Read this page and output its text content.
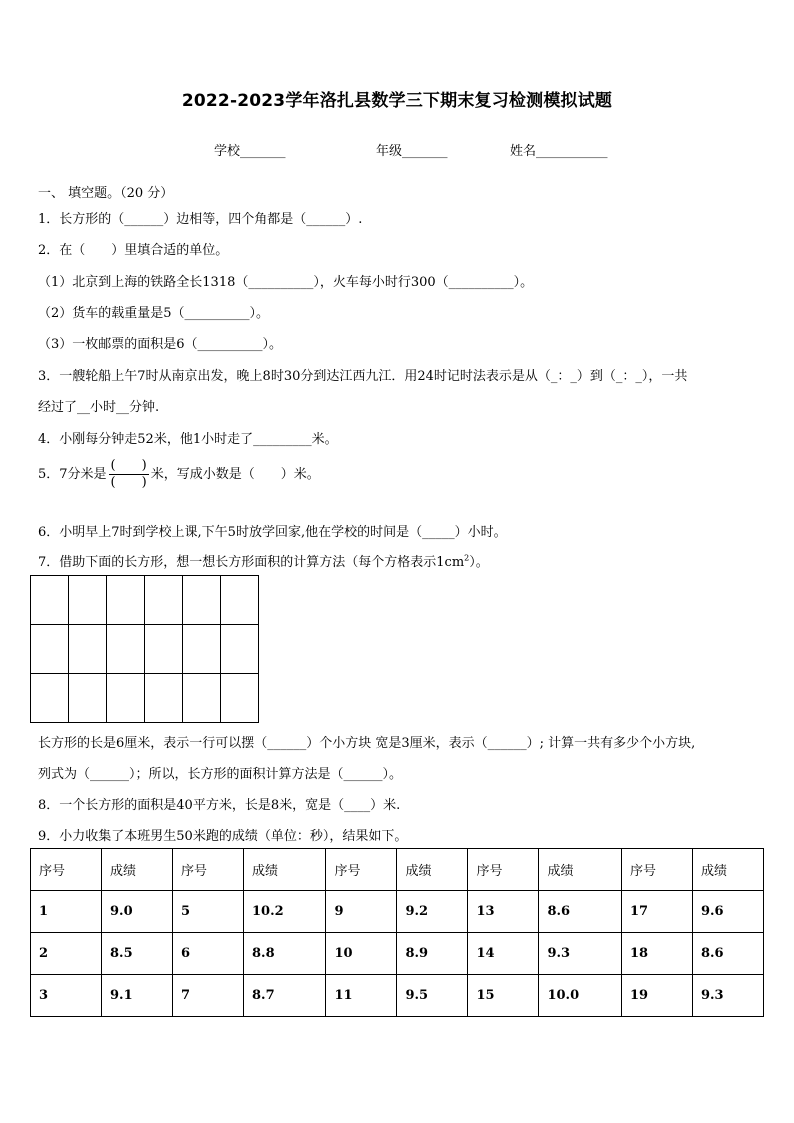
2022-2023学年洛扎县数学三下期末复习检测模拟试题
学校_______	年级_______	姓名___________
一、 填空题。（20 分）
1．长方形的（______）边相等，四个角都是（______）.
2．在（　　）里填合适的单位。
（1）北京到上海的铁路全长1318（__________），火车每小时行300（__________）。
（2）货车的载重量是5（__________）。
（3）一枚邮票的面积是6（__________）。
3．一艘轮船上午7时从南京出发，晚上8时30分到达江西九江．用24时记时法表示是从（_：_）到（_：_），一共
经过了__小时__分钟.
4．小刚每分钟走52米，他1小时走了_________米。
5．7分米是 $\frac{( )}{( )}$ 米，写成小数是（　　）米。
6．小明早上7时到学校上课,下午5时放学回家,他在学校的时间是（_____）小时。
7．借助下面的长方形，想一想长方形面积的计算方法（每个方格表示$1cm^2$）。

长方形的长是6厘米，表示一行可以摆（______）个小方块 宽是3厘米，表示（______）; 计算一共有多少个小方块,
列式为（______）；所以，长方形的面积计算方法是（______）。
8．一个长方形的面积是40平方米，长是8米，宽是（____）米.
9．小力收集了本班男生50米跑的成绩（单位：秒），结果如下。
序号	成绩	序号	成绩	序号	成绩	序号	成绩	序号	成绩
1	9.0	5	10.2	9	9.2	13	8.6	17	9.6
2	8.5	6	8.8	10	8.9	14	9.3	18	8.6
3	9.1	7	8.7	11	9.5	15	10.0	19	9.3
